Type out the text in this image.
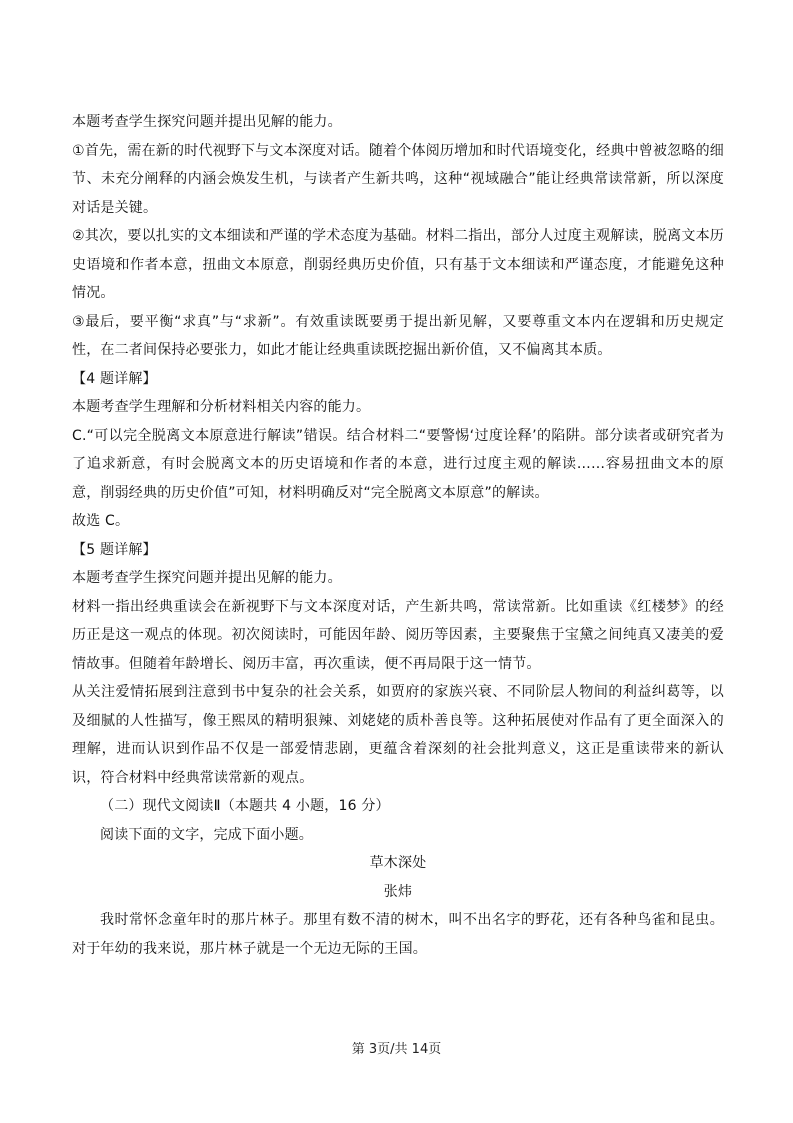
本题考查学生探究问题并提出见解的能力。

①首先，需在新的时代视野下与文本深度对话。随着个体阅历增加和时代语境变化，经典中曾被忽略的细节、未充分阐释的内涵会焕发生机，与读者产生新共鸣，这种“视域融合”能让经典常读常新，所以深度对话是关键。

②其次，要以扎实的文本细读和严谨的学术态度为基础。材料二指出，部分人过度主观解读，脱离文本历史语境和作者本意，扭曲文本原意，削弱经典历史价值，只有基于文本细读和严谨态度，才能避免这种情况。

③最后，要平衡“求真”与“求新”。有效重读既要勇于提出新见解，又要尊重文本内在逻辑和历史规定性，在二者间保持必要张力，如此才能让经典重读既挖掘出新价值，又不偏离其本质。

【4 题详解】

本题考查学生理解和分析材料相关内容的能力。

C.“可以完全脱离文本原意进行解读”错误。结合材料二“要警惕‘过度诠释’的陷阱。部分读者或研究者为了追求新意，有时会脱离文本的历史语境和作者的本意，进行过度主观的解读……容易扭曲文本的原意，削弱经典的历史价值”可知，材料明确反对“完全脱离文本原意”的解读。

故选 C。

【5 题详解】

本题考查学生探究问题并提出见解的能力。

材料一指出经典重读会在新视野下与文本深度对话，产生新共鸣，常读常新。比如重读《红楼梦》的经历正是这一观点的体现。初次阅读时，可能因年龄、阅历等因素，主要聚焦于宝黛之间纯真又凄美的爱情故事。但随着年龄增长、阅历丰富，再次重读，便不再局限于这一情节。

从关注爱情拓展到注意到书中复杂的社会关系，如贾府的家族兴衰、不同阶层人物间的利益纠葛等，以及细腻的人性描写，像王熙凤的精明狠辣、刘姥姥的质朴善良等。这种拓展使对作品有了更全面深入的理解，进而认识到作品不仅是一部爱情悲剧，更蕴含着深刻的社会批判意义，这正是重读带来的新认识，符合材料中经典常读常新的观点。

（二）现代文阅读Ⅱ（本题共 4 小题，16 分）

阅读下面的文字，完成下面小题。

草木深处

张炜

我时常怀念童年时的那片林子。那里有数不清的树木，叫不出名字的野花，还有各种鸟雀和昆虫。对于年幼的我来说，那片林子就是一个无边无际的王国。

第 3页/共 14页
